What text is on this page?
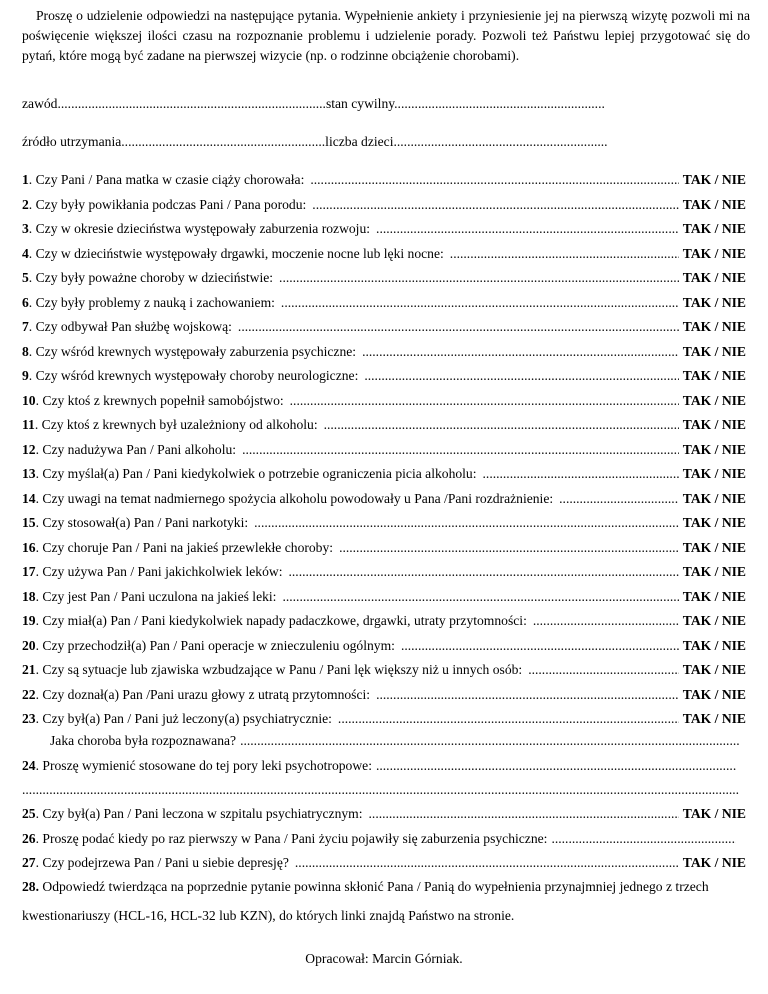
Proszę o udzielenie odpowiedzi na następujące pytania. Wypełnienie ankiety i przyniesienie jej na pierwszą wizytę pozwoli mi na poświęcenie większej ilości czasu na rozpoznanie problemu i udzielenie porady. Pozwoli też Państwu lepiej przygotować się do pytań, które mogą być zadane na pierwszej wizycie (np. o rodzinne obciążenie chorobami).
zawód...............................................................................stan cywilny..............................................................
źródło utrzymania............................................................liczba dzieci...............................................................
1. Czy Pani / Pana matka w czasie ciąży chorowała: .....	TAK / NIE
2. Czy były powikłania podczas Pani / Pana porodu: .....	TAK / NIE
3. Czy w okresie dzieciństwa występowały zaburzenia rozwoju: .....	TAK / NIE
4. Czy w dzieciństwie występowały drgawki, moczenie nocne lub lęki nocne: .....	TAK / NIE
5. Czy były poważne choroby w dzieciństwie: .....	TAK / NIE
6. Czy były problemy z nauką i zachowaniem: .....	TAK / NIE
7. Czy odbywał Pan służbę wojskową: .....	TAK / NIE
8. Czy wśród krewnych występowały zaburzenia psychiczne: .....	TAK / NIE
9. Czy wśród krewnych występowały choroby neurologiczne: .....	TAK / NIE
10. Czy ktoś z krewnych popełnił samobójstwo: .....	TAK / NIE
11. Czy ktoś z krewnych był uzależniony od alkoholu: .....	TAK / NIE
12. Czy nadużywa Pan / Pani alkoholu: .....	TAK / NIE
13. Czy myślał(a) Pan / Pani kiedykolwiek o potrzebie ograniczenia picia alkoholu: .....	TAK / NIE
14. Czy uwagi na temat nadmiernego spożycia alkoholu powodowały u Pana /Pani rozdrażnienie: .....	TAK / NIE
15. Czy stosował(a) Pan / Pani narkotyki: .....	TAK / NIE
16. Czy choruje Pan / Pani na jakieś przewlekłe choroby: .....	TAK / NIE
17. Czy używa Pan / Pani jakichkolwiek leków: .....	TAK / NIE
18. Czy jest Pan / Pani uczulona na jakieś leki: .....	TAK / NIE
19. Czy miał(a) Pan / Pani kiedykolwiek napady padaczkowe, drgawki, utraty przytomności: .....	TAK / NIE
20. Czy przechodził(a) Pan / Pani operacje w znieczuleniu ogólnym: .....	TAK / NIE
21. Czy są sytuacje lub zjawiska wzbudzające w Panu / Pani lęk większy niż u innych osób: .....	TAK / NIE
22. Czy doznał(a) Pan /Pani urazu głowy z utratą przytomności: .....	TAK / NIE
23. Czy był(a) Pan / Pani już leczony(a) psychiatrycznie: .....	TAK / NIE
Jaka choroba była rozpoznawana?
.....
24. Proszę wymienić stosowane do tej pory leki psychotropowe:
.....
.....
25. Czy był(a) Pan / Pani leczona w szpitalu psychiatrycznym: .....	TAK / NIE
26. Proszę podać kiedy po raz pierwszy w Pana / Pani życiu pojawiły się zaburzenia psychiczne:
.....
27. Czy podejrzewa Pan / Pani u siebie depresję? .....	TAK / NIE
28. Odpowiedź twierdząca na poprzednie pytanie powinna skłonić Pana / Panią do wypełnienia przynajmniej jednego z trzech kwestionariuszy (HCL-16, HCL-32 lub KZN), do których linki znajdą Państwo na stronie.
Opracował: Marcin Górniak.
